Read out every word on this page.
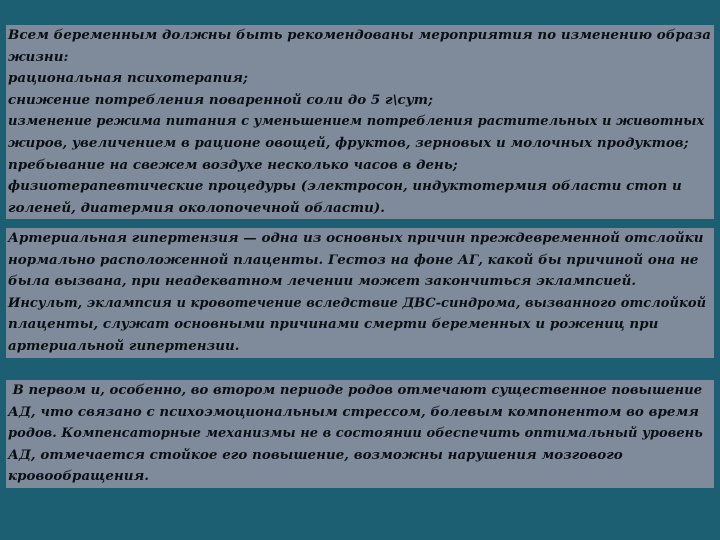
Всем беременным должны быть рекомендованы мероприятия по изменению образа
жизни:
рациональная психотерапия;
снижение потребления поваренной соли до 5 г\сут;
изменение режима питания с уменьшением потребления растительных и животных
жиров, увеличением в рационе овощей, фруктов, зерновых и молочных продуктов;
пребывание на свежем воздухе несколько часов в день;
физиотерапевтические процедуры (электросон, индуктотермия области стоп и
голеней, диатермия околопочечной области).
Артериальная гипертензия — одна из основных причин преждевременной отслойки
нормально расположенной плаценты. Гестоз на фоне АГ, какой бы причиной она не
была вызвана, при неадекватном лечении может закончиться эклампсией.
Инсульт, эклампсия и кровотечение вследствие ДВС-синдрома, вызванного отслойкой
плаценты, служат основными причинами смерти беременных и рожениц при
артериальной гипертензии.
В первом и, особенно, во втором периоде родов отмечают существенное повышение
АД, что связано с психоэмоциональным стрессом, болевым компонентом во время
родов. Компенсаторные механизмы не в состоянии обеспечить оптимальный уровень
АД, отмечается стойкое его повышение, возможны нарушения мозгового
кровообращения.
